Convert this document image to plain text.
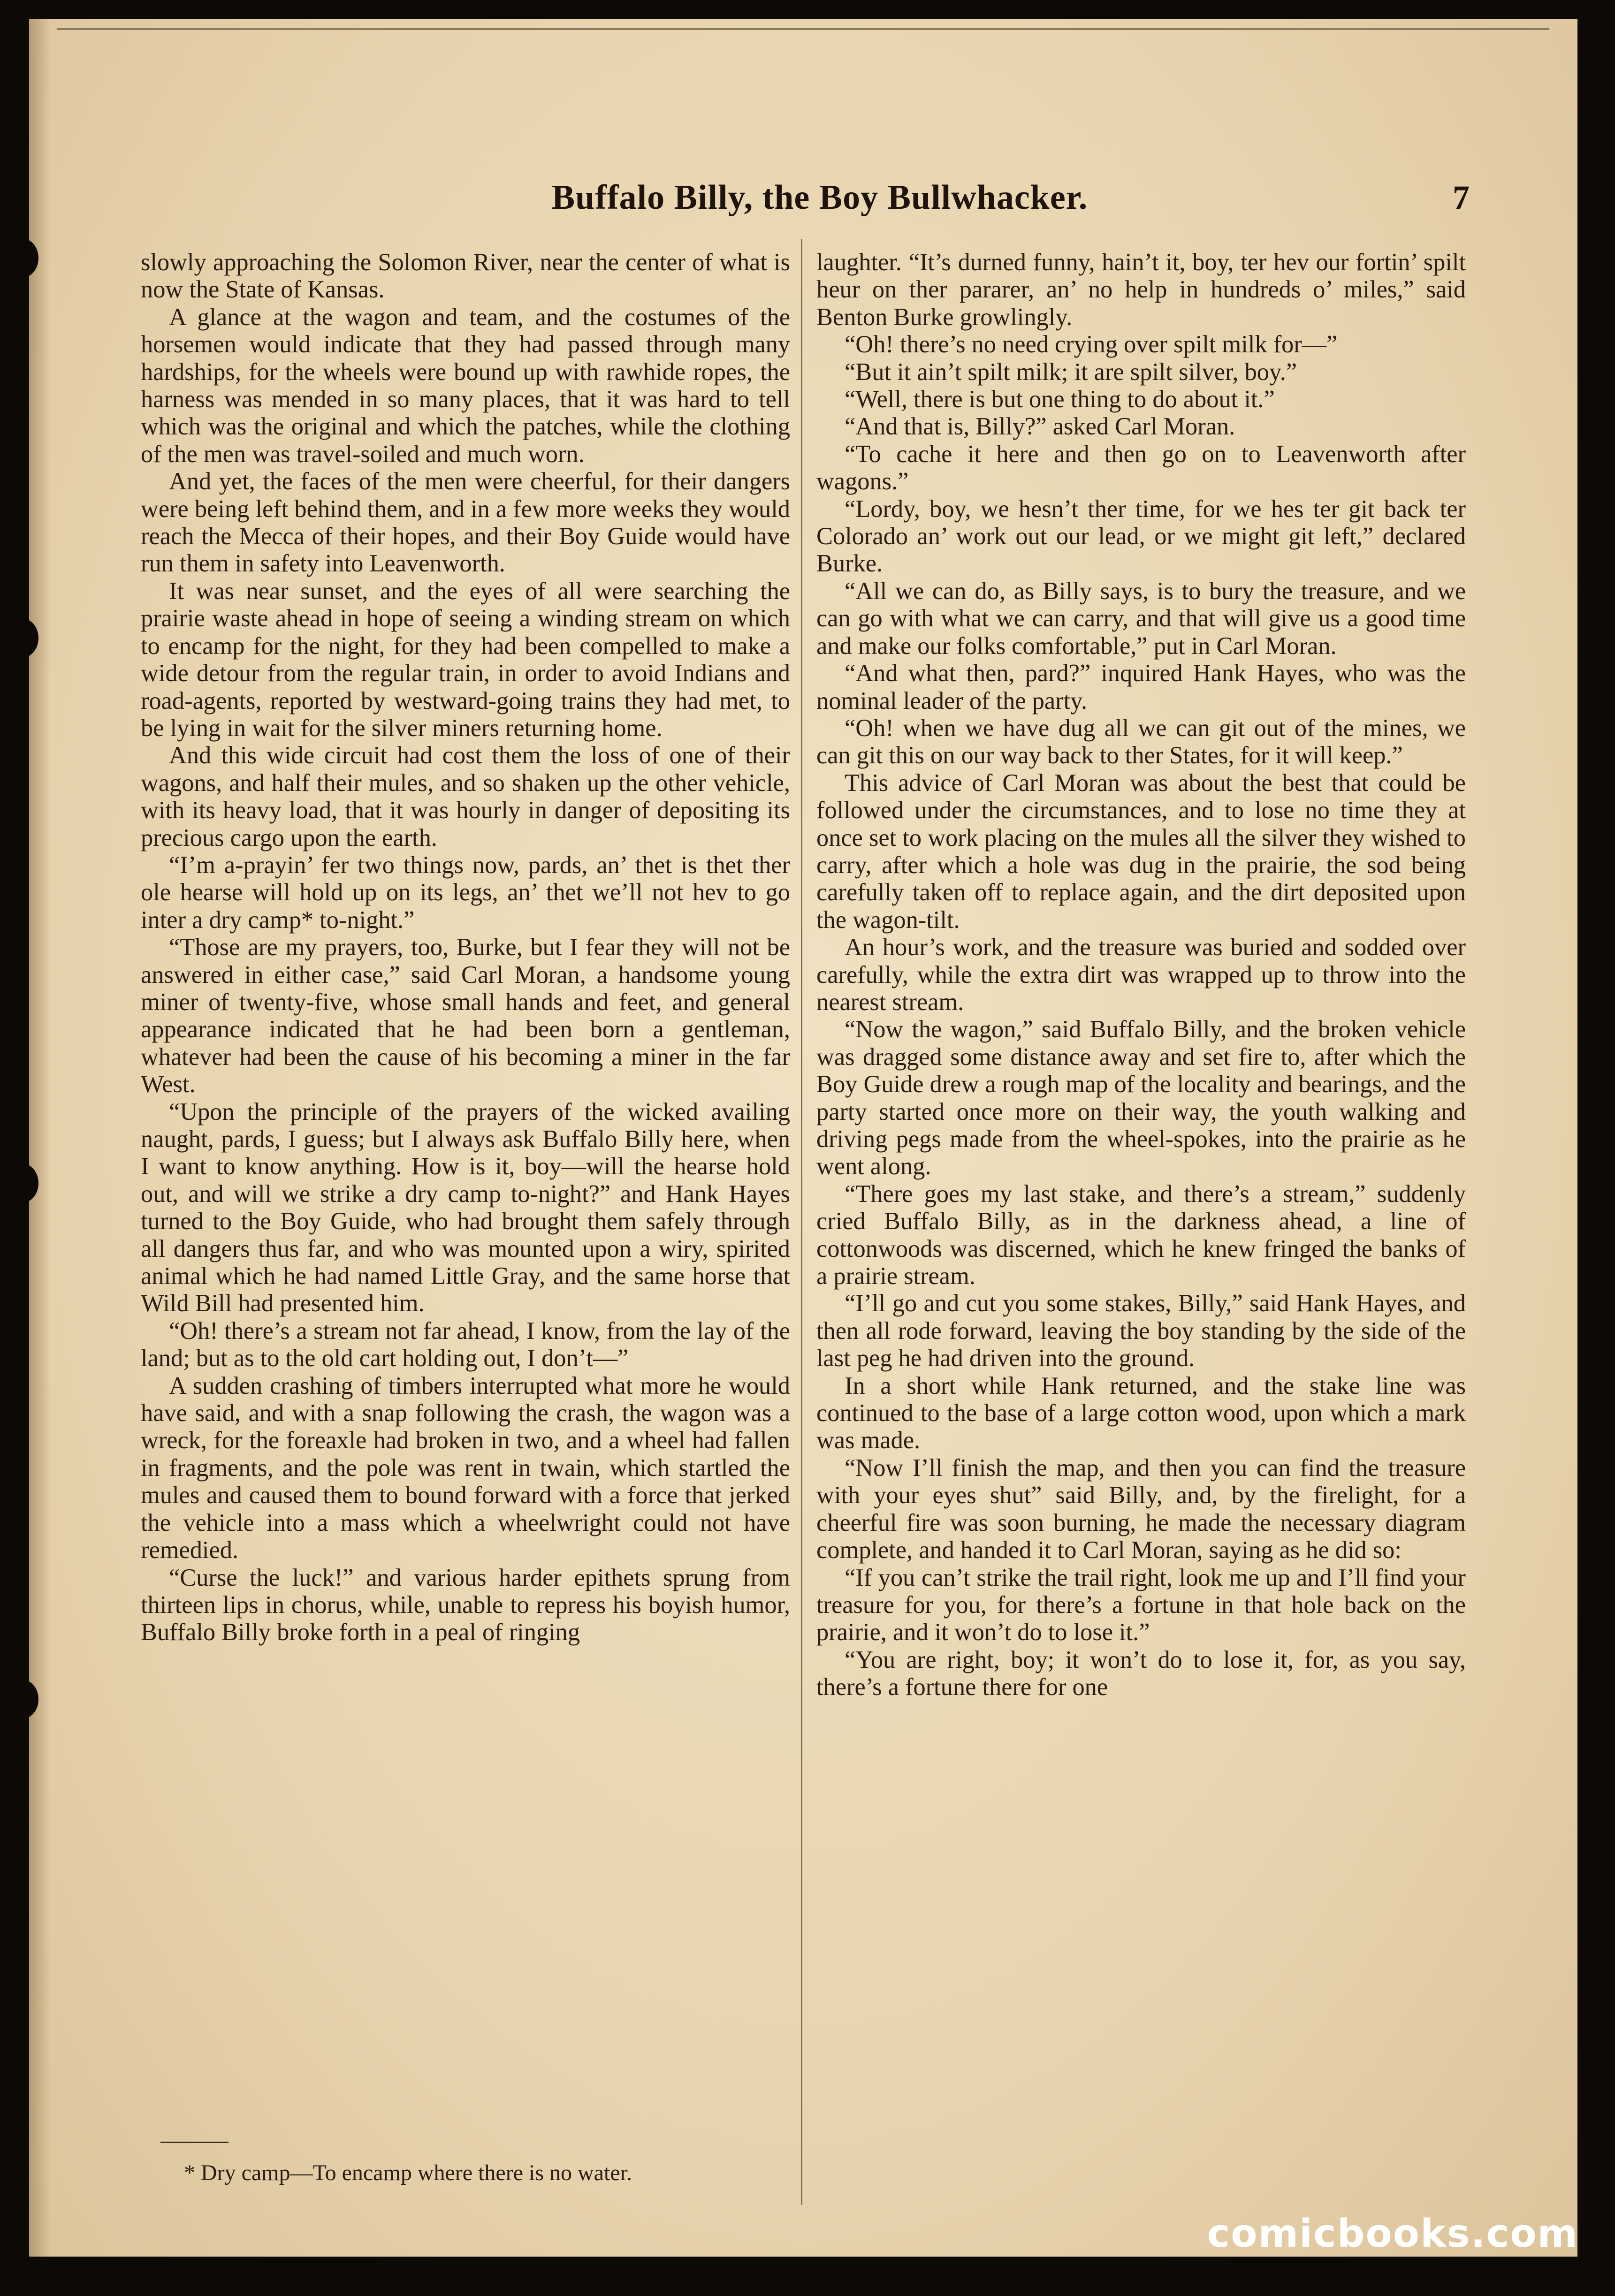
Buffalo Billy, the Boy Bullwhacker.	7

slowly approaching the Solomon River, near the center of what is now the State of Kansas.

A glance at the wagon and team, and the costumes of the horsemen would indicate that they had passed through many hardships, for the wheels were bound up with rawhide ropes, the harness was mended in so many places, that it was hard to tell which was the original and which the patches, while the clothing of the men was travel-soiled and much worn.

And yet, the faces of the men were cheerful, for their dangers were being left behind them, and in a few more weeks they would reach the Mecca of their hopes, and their Boy Guide would have run them in safety into Leavenworth.

It was near sunset, and the eyes of all were searching the prairie waste ahead in hope of seeing a winding stream on which to encamp for the night, for they had been compelled to make a wide detour from the regular train, in order to avoid Indians and road-agents, reported by westward-going trains they had met, to be lying in wait for the silver miners returning home.

And this wide circuit had cost them the loss of one of their wagons, and half their mules, and so shaken up the other vehicle, with its heavy load, that it was hourly in danger of depositing its precious cargo upon the earth.

“I’m a-prayin’ fer two things now, pards, an’ thet is thet ther ole hearse will hold up on its legs, an’ thet we’ll not hev to go inter a dry camp* to-night.”

“Those are my prayers, too, Burke, but I fear they will not be answered in either case,” said Carl Moran, a handsome young miner of twenty-five, whose small hands and feet, and general appearance indicated that he had been born a gentleman, whatever had been the cause of his becoming a miner in the far West.

“Upon the principle of the prayers of the wicked availing naught, pards, I guess; but I always ask Buffalo Billy here, when I want to know anything. How is it, boy—will the hearse hold out, and will we strike a dry camp to-night?” and Hank Hayes turned to the Boy Guide, who had brought them safely through all dangers thus far, and who was mounted upon a wiry, spirited animal which he had named Little Gray, and the same horse that Wild Bill had presented him.

“Oh! there’s a stream not far ahead, I know, from the lay of the land; but as to the old cart holding out, I don’t—”

A sudden crashing of timbers interrupted what more he would have said, and with a snap following the crash, the wagon was a wreck, for the foreaxle had broken in two, and a wheel had fallen in fragments, and the pole was rent in twain, which startled the mules and caused them to bound forward with a force that jerked the vehicle into a mass which a wheelwright could not have remedied.

“Curse the luck!” and various harder epithets sprung from thirteen lips in chorus, while, unable to repress his boyish humor, Buffalo Billy broke forth in a peal of ringing

laughter. “It’s durned funny, hain’t it, boy, ter hev our fortin’ spilt heur on ther pararer, an’ no help in hundreds o’ miles,” said Benton Burke growlingly.

“Oh! there’s no need crying over spilt milk for—”

“But it ain’t spilt milk; it are spilt silver, boy.”

“Well, there is but one thing to do about it.”

“And that is, Billy?” asked Carl Moran.

“To cache it here and then go on to Leavenworth after wagons.”

“Lordy, boy, we hesn’t ther time, for we hes ter git back ter Colorado an’ work out our lead, or we might git left,” declared Burke.

“All we can do, as Billy says, is to bury the treasure, and we can go with what we can carry, and that will give us a good time and make our folks comfortable,” put in Carl Moran.

“And what then, pard?” inquired Hank Hayes, who was the nominal leader of the party.

“Oh! when we have dug all we can git out of the mines, we can git this on our way back to ther States, for it will keep.”

This advice of Carl Moran was about the best that could be followed under the circumstances, and to lose no time they at once set to work placing on the mules all the silver they wished to carry, after which a hole was dug in the prairie, the sod being carefully taken off to replace again, and the dirt deposited upon the wagon-tilt.

An hour’s work, and the treasure was buried and sodded over carefully, while the extra dirt was wrapped up to throw into the nearest stream.

“Now the wagon,” said Buffalo Billy, and the broken vehicle was dragged some distance away and set fire to, after which the Boy Guide drew a rough map of the locality and bearings, and the party started once more on their way, the youth walking and driving pegs made from the wheel-spokes, into the prairie as he went along.

“There goes my last stake, and there’s a stream,” suddenly cried Buffalo Billy, as in the darkness ahead, a line of cottonwoods was discerned, which he knew fringed the banks of a prairie stream.

“I’ll go and cut you some stakes, Billy,” said Hank Hayes, and then all rode forward, leaving the boy standing by the side of the last peg he had driven into the ground.

In a short while Hank returned, and the stake line was continued to the base of a large cotton wood, upon which a mark was made.

“Now I’ll finish the map, and then you can find the treasure with your eyes shut” said Billy, and, by the firelight, for a cheerful fire was soon burning, he made the necessary diagram complete, and handed it to Carl Moran, saying as he did so:

“If you can’t strike the trail right, look me up and I’ll find your treasure for you, for there’s a fortune in that hole back on the prairie, and it won’t do to lose it.”

“You are right, boy; it won’t do to lose it, for, as you say, there’s a fortune there for one

* Dry camp—To encamp where there is no water.
comicbooks.com
